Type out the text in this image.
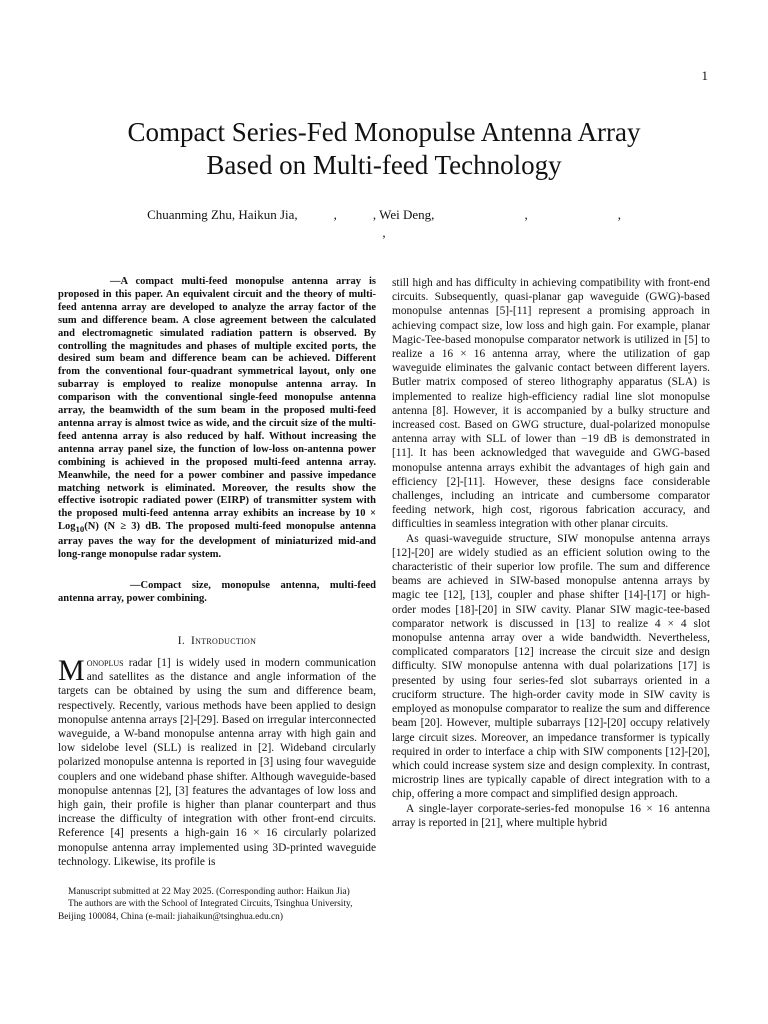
1
Compact Series-Fed Monopulse Antenna Array
Based on Multi-feed Technology
Chuanming Zhu, Haikun Jia,	,	, Wei Deng,	,	,
,

—A compact multi-feed monopulse antenna array is proposed in this paper. An equivalent circuit and the theory of multi-feed antenna array are developed to analyze the array factor of the sum and difference beam. A close agreement between the calculated and electromagnetic simulated radiation pattern is observed. By controlling the magnitudes and phases of multiple excited ports, the desired sum beam and difference beam can be achieved. Different from the conventional four-quadrant symmetrical layout, only one subarray is employed to realize monopulse antenna array. In comparison with the conventional single-feed monopulse antenna array, the beamwidth of the sum beam in the proposed multi-feed antenna array is almost twice as wide, and the circuit size of the multi-feed antenna array is also reduced by half. Without increasing the antenna array panel size, the function of low-loss on-antenna power combining is achieved in the proposed multi-feed antenna array. Meanwhile, the need for a power combiner and passive impedance matching network is eliminated. Moreover, the results show the effective isotropic radiated power (EIRP) of transmitter system with the proposed multi-feed antenna array exhibits an increase by 10 × Log$_{10}$(N) (N ≥ 3) dB. The proposed multi-feed monopulse antenna array paves the way for the development of miniaturized mid-and long-range monopulse radar system.

—Compact size, monopulse antenna, multi-feed antenna array, power combining.

I. Introduction

Monoplus radar [1] is widely used in modern communication and satellites as the distance and angle information of the targets can be obtained by using the sum and difference beam, respectively. Recently, various methods have been applied to design monopulse antenna arrays [2]-[29]. Based on irregular interconnected waveguide, a W-band monopulse antenna array with high gain and low sidelobe level (SLL) is realized in [2]. Wideband circularly polarized monopulse antenna is reported in [3] using four waveguide couplers and one wideband phase shifter. Although waveguide-based monopulse antennas [2], [3] features the advantages of low loss and high gain, their profile is higher than planar counterpart and thus increase the difficulty of integration with other front-end circuits. Reference [4] presents a high-gain 16 × 16 circularly polarized monopulse antenna array implemented using 3D-printed waveguide technology. Likewise, its profile is

Manuscript submitted at 22 May 2025. (Corresponding author: Haikun Jia)

The authors are with the School of Integrated Circuits, Tsinghua University,

Beijing 100084, China (e-mail: jiahaikun@tsinghua.edu.cn)

still high and has difficulty in achieving compatibility with front-end circuits. Subsequently, quasi-planar gap waveguide (GWG)-based monopulse antennas [5]-[11] represent a promising approach in achieving compact size, low loss and high gain. For example, planar Magic-Tee-based monopulse comparator network is utilized in [5] to realize a 16 × 16 antenna array, where the utilization of gap waveguide eliminates the galvanic contact between different layers. Butler matrix composed of stereo lithography apparatus (SLA) is implemented to realize high-efficiency radial line slot monopulse antenna [8]. However, it is accompanied by a bulky structure and increased cost. Based on GWG structure, dual-polarized monopulse antenna array with SLL of lower than −19 dB is demonstrated in [11]. It has been acknowledged that waveguide and GWG-based monopulse antenna arrays exhibit the advantages of high gain and efficiency [2]-[11]. However, these designs face considerable challenges, including an intricate and cumbersome comparator feeding network, high cost, rigorous fabrication accuracy, and difficulties in seamless integration with other planar circuits.

As quasi-waveguide structure, SIW monopulse antenna arrays [12]-[20] are widely studied as an efficient solution owing to the characteristic of their superior low profile. The sum and difference beams are achieved in SIW-based monopulse antenna arrays by magic tee [12], [13], coupler and phase shifter [14]-[17] or high-order modes [18]-[20] in SIW cavity. Planar SIW magic-tee-based comparator network is discussed in [13] to realize 4 × 4 slot monopulse antenna array over a wide bandwidth. Nevertheless, complicated comparators [12] increase the circuit size and design difficulty. SIW monopulse antenna with dual polarizations [17] is presented by using four series-fed slot subarrays oriented in a cruciform structure. The high-order cavity mode in SIW cavity is employed as monopulse comparator to realize the sum and difference beam [20]. However, multiple subarrays [12]-[20] occupy relatively large circuit sizes. Moreover, an impedance transformer is typically required in order to interface a chip with SIW components [12]-[20], which could increase system size and design complexity. In contrast, microstrip lines are typically capable of direct integration with to a chip, offering a more compact and simplified design approach.

A single-layer corporate-series-fed monopulse 16 × 16 antenna array is reported in [21], where multiple hybrid
